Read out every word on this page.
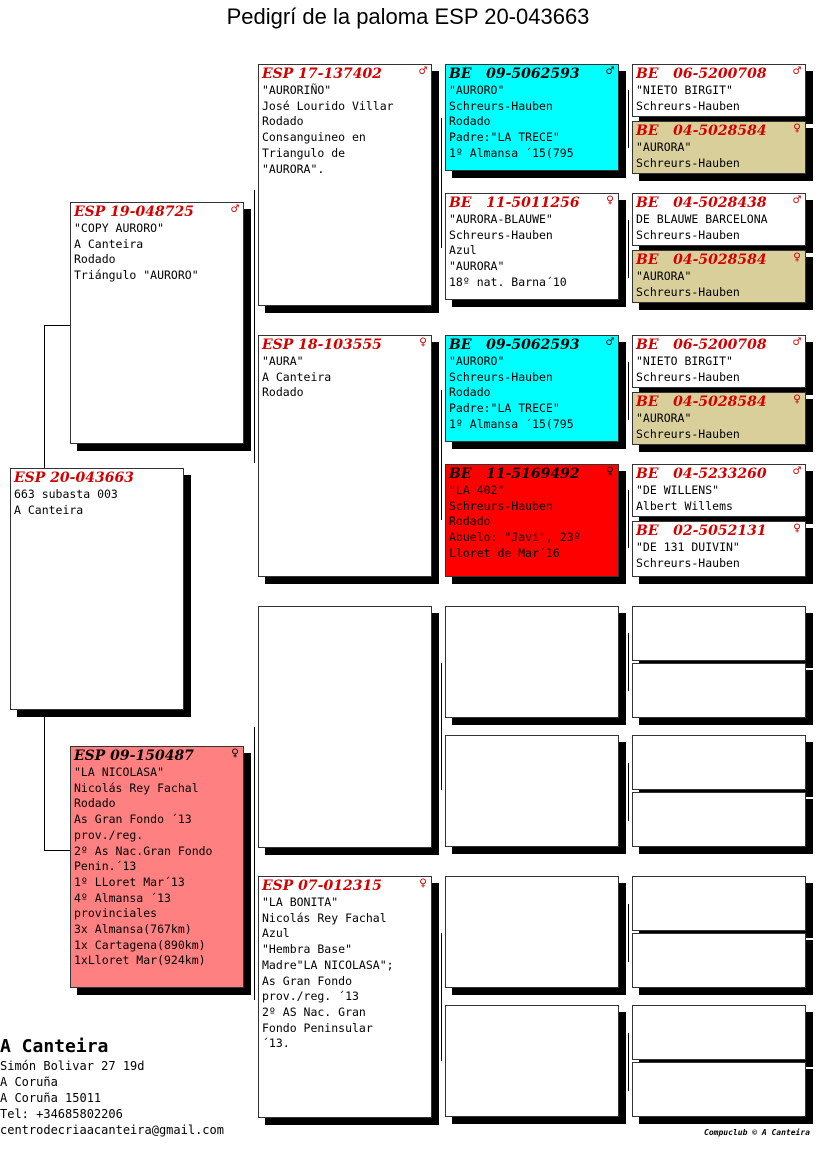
Pedigrí de la paloma ESP 20-043663
ESP 20-043663
663 subasta 003
A Canteira
ESP 19-048725	♂
"COPY AURORO"
A Canteira
Rodado
Triángulo "AURORO"
ESP 09-150487	♀
"LA NICOLASA"
Nicolás Rey Fachal
Rodado
As Gran Fondo ´13
prov./reg.
2º As Nac.Gran Fondo
Penin.´13
1º LLoret Mar´13
4º Almansa ´13
provinciales
3x Almansa(767km)
1x Cartagena(890km)
1xLloret Mar(924km)
ESP 17-137402	♂
"AURORIÑO"
José Lourido Villar
Rodado
Consanguineo en
Triangulo de
"AURORA".
ESP 18-103555	♀
"AURA"
A Canteira
Rodado
ESP 07-012315	♀
"LA BONITA"
Nicolás Rey Fachal
Azul
"Hembra Base"
Madre"LA NICOLASA";
As Gran Fondo
prov./reg. ´13
2º AS Nac. Gran
Fondo Peninsular
´13.
BE   09-5062593 ♂
"AURORO"
Schreurs-Hauben
Rodado
Padre:"LA TRECE"
1º Almansa ´15(795
BE   11-5011256 ♀
"AURORA-BLAUWE"
Schreurs-Hauben
Azul
"AURORA"
18º nat. Barna´10
BE   09-5062593 ♂
"AURORO"
Schreurs-Hauben
Rodado
Padre:"LA TRECE"
1º Almansa ´15(795
BE   11-5169492 ♀
"LA 402"
Schreurs-Hauben
Rodado
Abuelo: "Javi", 23º
Lloret de Mar´16
BE   06-5200708 ♂
"NIETO BIRGIT"
Schreurs-Hauben
BE   04-5028584 ♀
"AURORA"
Schreurs-Hauben
BE   04-5028438 ♂
DE BLAUWE BARCELONA
Schreurs-Hauben
BE   04-5028584 ♀
"AURORA"
Schreurs-Hauben
BE   06-5200708 ♂
"NIETO BIRGIT"
Schreurs-Hauben
BE   04-5028584 ♀
"AURORA"
Schreurs-Hauben
BE   04-5233260 ♂
"DE WILLENS"
Albert Willems
BE   02-5052131 ♀
"DE 131 DUIVIN"
Schreurs-Hauben
A Canteira
Simón Bolivar 27 19d
A Coruña
A Coruña 15011
Tel: +34685802206
centrodecriaacanteira@gmail.com	Compuclub © A Canteira
